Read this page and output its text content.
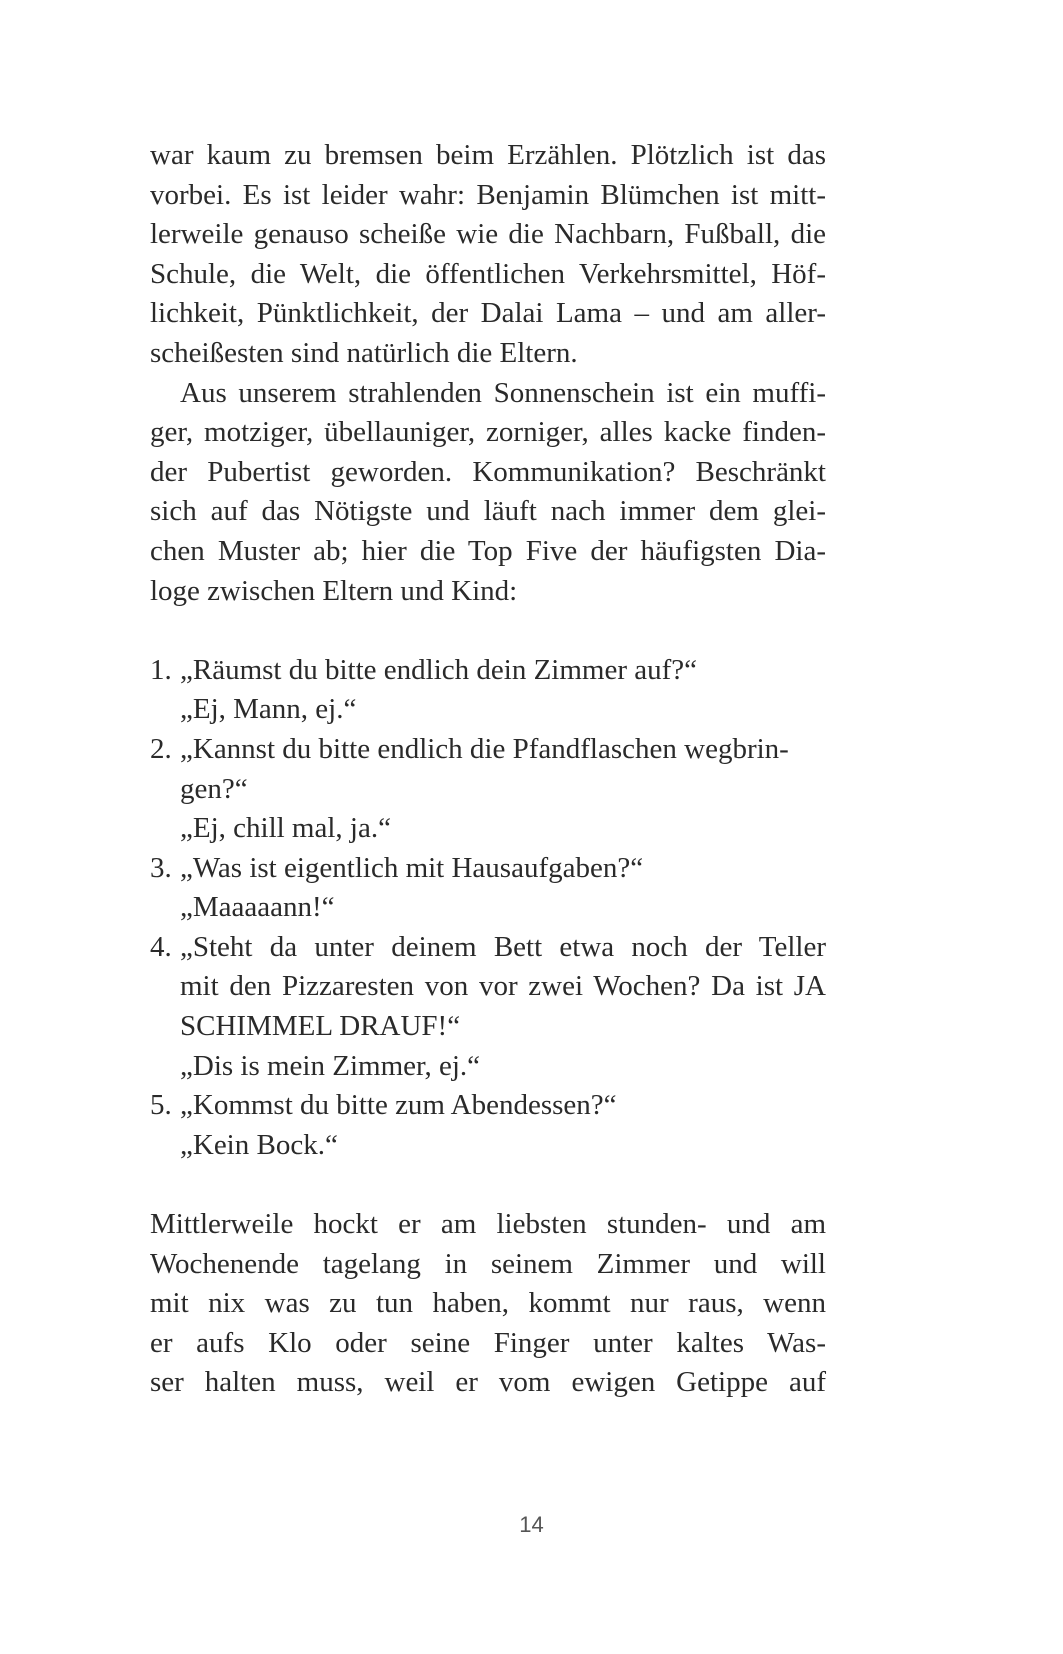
war kaum zu bremsen beim Erzählen. Plötzlich ist das
vorbei. Es ist leider wahr: Benjamin Blümchen ist mitt-
lerweile genauso scheiße wie die Nachbarn, Fußball, die
Schule, die Welt, die öffentlichen Verkehrsmittel, Höf-
lichkeit, Pünktlichkeit, der Dalai Lama – und am aller-
scheißesten sind natürlich die Eltern.
Aus unserem strahlenden Sonnenschein ist ein muffi-
ger, motziger, übellauniger, zorniger, alles kacke finden-
der Pubertist geworden. Kommunikation? Beschränkt
sich auf das Nötigste und läuft nach immer dem glei-
chen Muster ab; hier die Top Five der häufigsten Dia-
loge zwischen Eltern und Kind:
1. „Räumst du bitte endlich dein Zimmer auf?“
„Ej, Mann, ej.“
2. „Kannst du bitte endlich die Pfandflaschen wegbrin-
gen?“
„Ej, chill mal, ja.“
3. „Was ist eigentlich mit Hausaufgaben?“
„Maaaaann!“
4. „Steht da unter deinem Bett etwa noch der Teller
mit den Pizzaresten von vor zwei Wochen? Da ist JA
SCHIMMEL DRAUF!“
„Dis is mein Zimmer, ej.“
5. „Kommst du bitte zum Abendessen?“
„Kein Bock.“
Mittlerweile hockt er am liebsten stunden- und am
Wochenende tagelang in seinem Zimmer und will
mit nix was zu tun haben, kommt nur raus, wenn
er aufs Klo oder seine Finger unter kaltes Was-
ser halten muss, weil er vom ewigen Getippe auf
14
